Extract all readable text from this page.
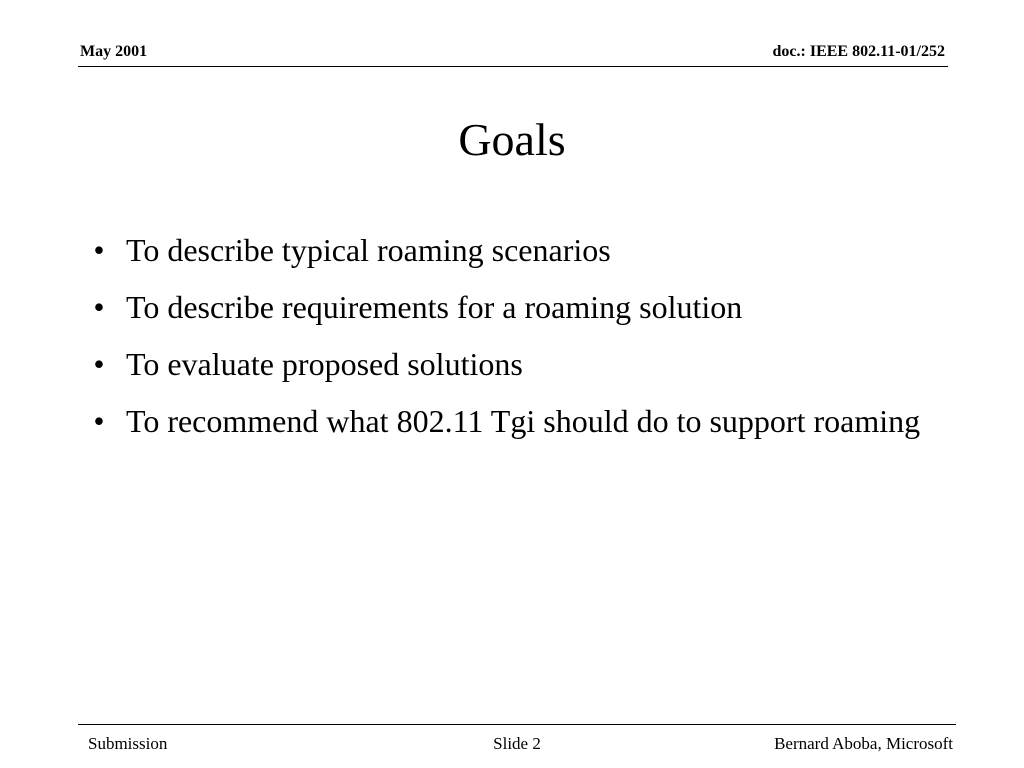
May 2001	doc.: IEEE 802.11-01/252
Goals
• To describe typical roaming scenarios
• To describe requirements for a roaming solution
• To evaluate proposed solutions
• To recommend what 802.11 Tgi should do to support roaming
Submission	Slide 2	Bernard Aboba, Microsoft
